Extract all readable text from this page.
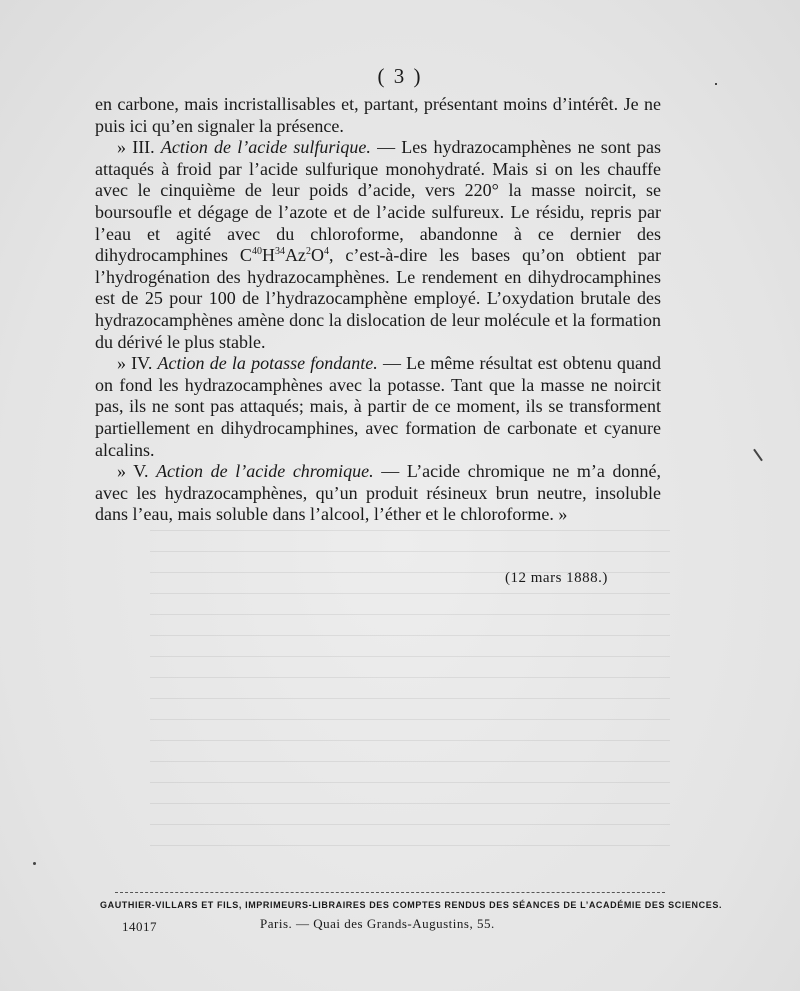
( 3 )

en carbone, mais incristallisables et, partant, présentant moins d’intérêt. Je ne puis ici qu’en signaler la présence.

» III. Action de l’acide sulfurique. — Les hydrazocamphènes ne sont pas attaqués à froid par l’acide sulfurique monohydraté. Mais si on les chauffe avec le cinquième de leur poids d’acide, vers 220° la masse noircit, se boursoufle et dégage de l’azote et de l’acide sulfureux. Le résidu, repris par l’eau et agité avec du chloroforme, abandonne à ce dernier des dihydrocamphines $C^{40}H^{34}Az^2O^4$, c’est-à-dire les bases qu’on obtient par l’hydrogénation des hydrazocamphènes. Le rendement en dihydrocamphines est de 25 pour 100 de l’hydrazocamphène employé. L’oxydation brutale des hydrazocamphènes amène donc la dislocation de leur molécule et la formation du dérivé le plus stable.

» IV. Action de la potasse fondante. — Le même résultat est obtenu quand on fond les hydrazocamphènes avec la potasse. Tant que la masse ne noircit pas, ils ne sont pas attaqués; mais, à partir de ce moment, ils se transforment partiellement en dihydrocamphines, avec formation de carbonate et cyanure alcalins.

» V. Action de l’acide chromique. — L’acide chromique ne m’a donné, avec les hydrazocamphènes, qu’un produit résineux brun neutre, insoluble dans l’eau, mais soluble dans l’alcool, l’éther et le chloroforme. »

(12 mars 1888.)
GAUTHIER-VILLARS ET FILS, IMPRIMEURS-LIBRAIRES DES COMPTES RENDUS DES SÉANCES DE L’ACADÉMIE DES SCIENCES.
14017	Paris. — Quai des Grands-Augustins, 55.
